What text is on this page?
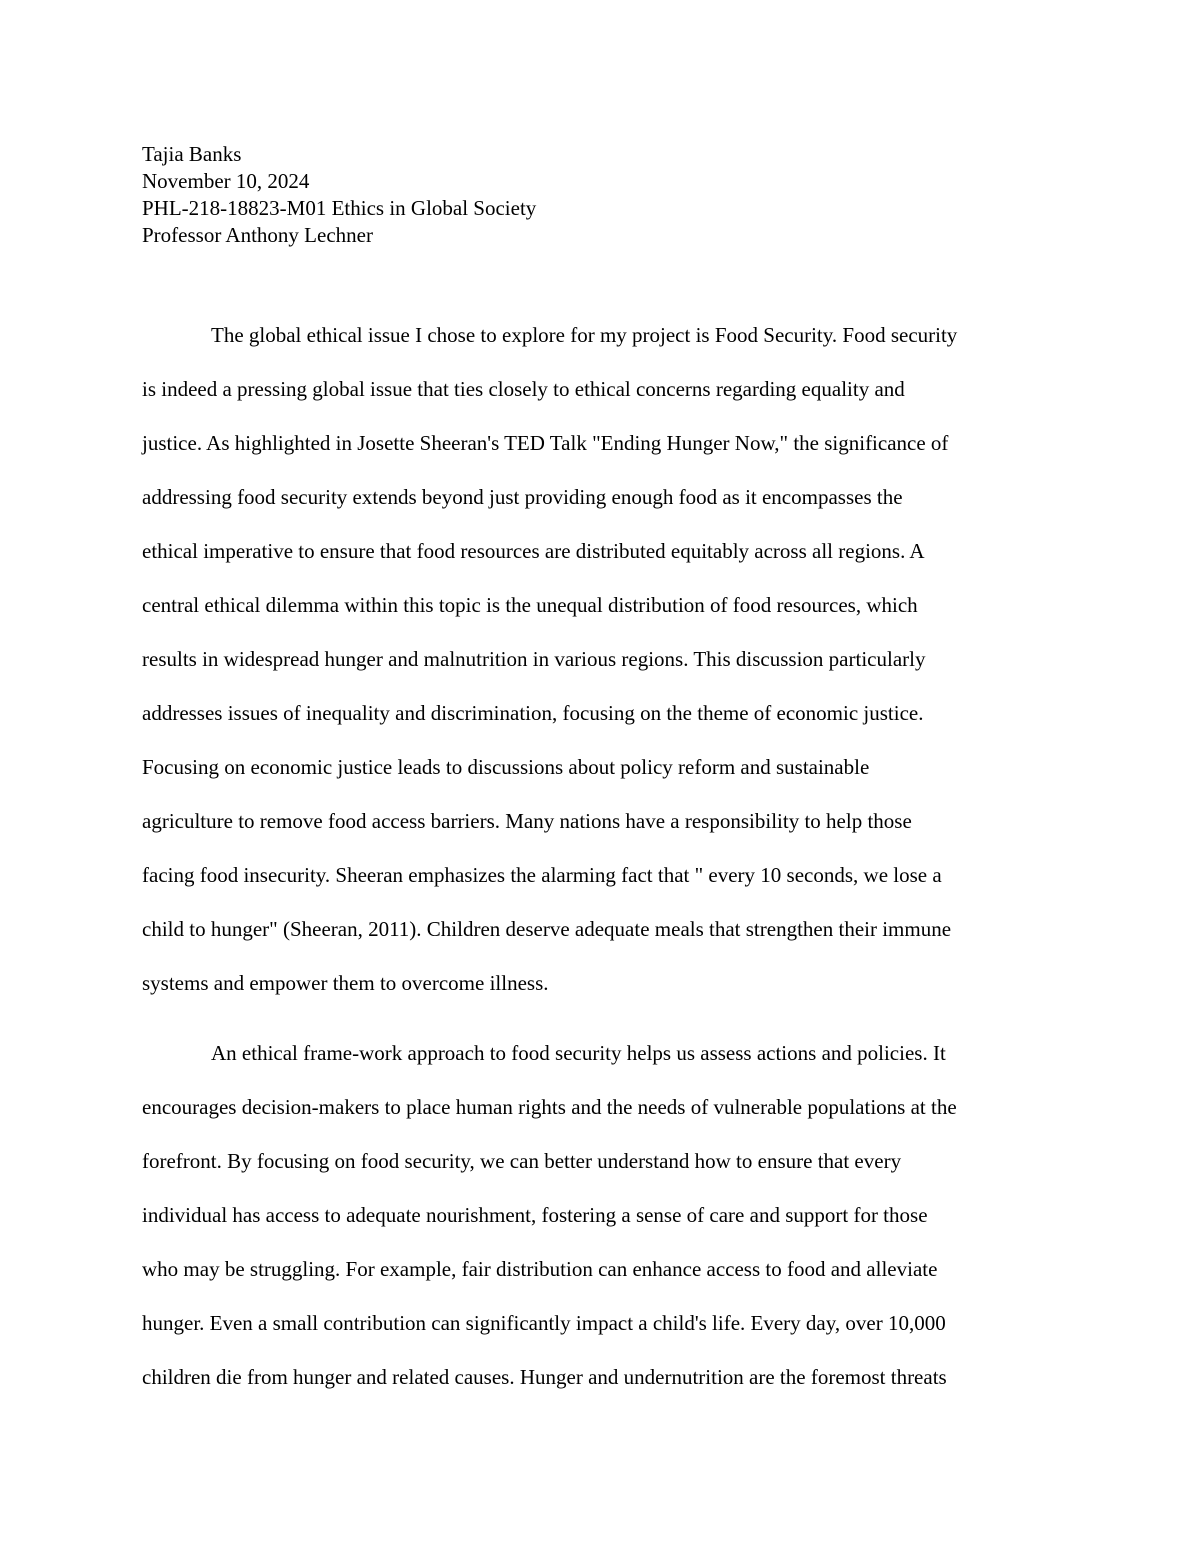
Tajia Banks
November 10, 2024
PHL-218-18823-M01 Ethics in Global Society
Professor Anthony Lechner
The global ethical issue I chose to explore for my project is Food Security. Food security
is indeed a pressing global issue that ties closely to ethical concerns regarding equality and
justice. As highlighted in Josette Sheeran's TED Talk "Ending Hunger Now," the significance of
addressing food security extends beyond just providing enough food as it encompasses the
ethical imperative to ensure that food resources are distributed equitably across all regions. A
central ethical dilemma within this topic is the unequal distribution of food resources, which
results in widespread hunger and malnutrition in various regions. This discussion particularly
addresses issues of inequality and discrimination, focusing on the theme of economic justice.
Focusing on economic justice leads to discussions about policy reform and sustainable
agriculture to remove food access barriers. Many nations have a responsibility to help those
facing food insecurity. Sheeran emphasizes the alarming fact that " every 10 seconds, we lose a
child to hunger" (Sheeran, 2011). Children deserve adequate meals that strengthen their immune
systems and empower them to overcome illness.
An ethical frame-work approach to food security helps us assess actions and policies. It
encourages decision-makers to place human rights and the needs of vulnerable populations at the
forefront. By focusing on food security, we can better understand how to ensure that every
individual has access to adequate nourishment, fostering a sense of care and support for those
who may be struggling. For example, fair distribution can enhance access to food and alleviate
hunger. Even a small contribution can significantly impact a child's life. Every day, over 10,000
children die from hunger and related causes. Hunger and undernutrition are the foremost threats
